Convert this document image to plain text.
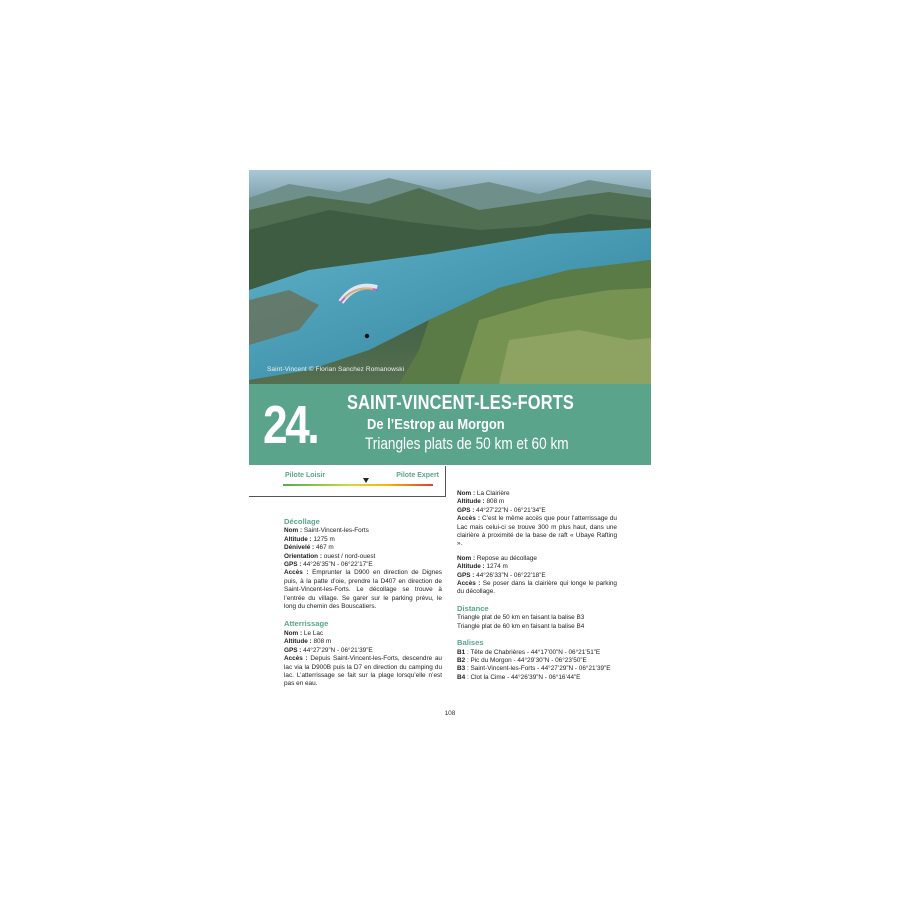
Saint-Vincent © Florian Sanchez Romanowski
24. SAINT-VINCENT-LES-FORTS
De l’Estrop au Morgon
Triangles plats de 50 km et 60 km
Pilote Loisir	Pilote Expert
Décollage
Nom : Saint-Vincent-les-Forts
Altitude : 1275 m
Dénivelé : 467 m
Orientation : ouest / nord-ouest
GPS : 44°26’35”N - 06°22’17”E
Accès : Emprunter la D900 en direction de Dignes puis, à la patte d’oie, prendre la D407 en direction de Saint-Vincent-les-Forts. Le décollage se trouve à l’entrée du village. Se garer sur le parking prévu, le long du chemin des Bouscatiers.
Atterrissage
Nom : Le Lac
Altitude : 808 m
GPS : 44°27’29”N - 06°21’39”E
Accès : Depuis Saint-Vincent-les-Forts, descendre au lac via la D900B puis la D7 en direction du camping du lac. L’atterrissage se fait sur la plage lorsqu’elle n’est pas en eau.
Nom : La Clairière
Altitude : 808 m
GPS : 44°27’22”N - 06°21’34”E
Accès : C’est le même accès que pour l’atterrissage du Lac mais celui-ci se trouve 300 m plus haut, dans une clairière à proximité de la base de raft « Ubaye Rafting ».
Nom : Repose au décollage
Altitude : 1274 m
GPS : 44°26’33”N - 06°22’18”E
Accès : Se poser dans la clairière qui longe le parking du décollage.
Distance
Triangle plat de 50 km en faisant la balise B3
Triangle plat de 60 km en faisant la balise B4
Balises
B1 : Tête de Chabrières - 44°17’00”N - 06°21’51”E
B2 : Pic du Morgon - 44°29’30”N - 06°23’50”E
B3 : Saint-Vincent-les-Forts - 44°27’29”N - 06°21’39”E
B4 : Clot la Cime - 44°26’39”N - 06°16’44”E
108
